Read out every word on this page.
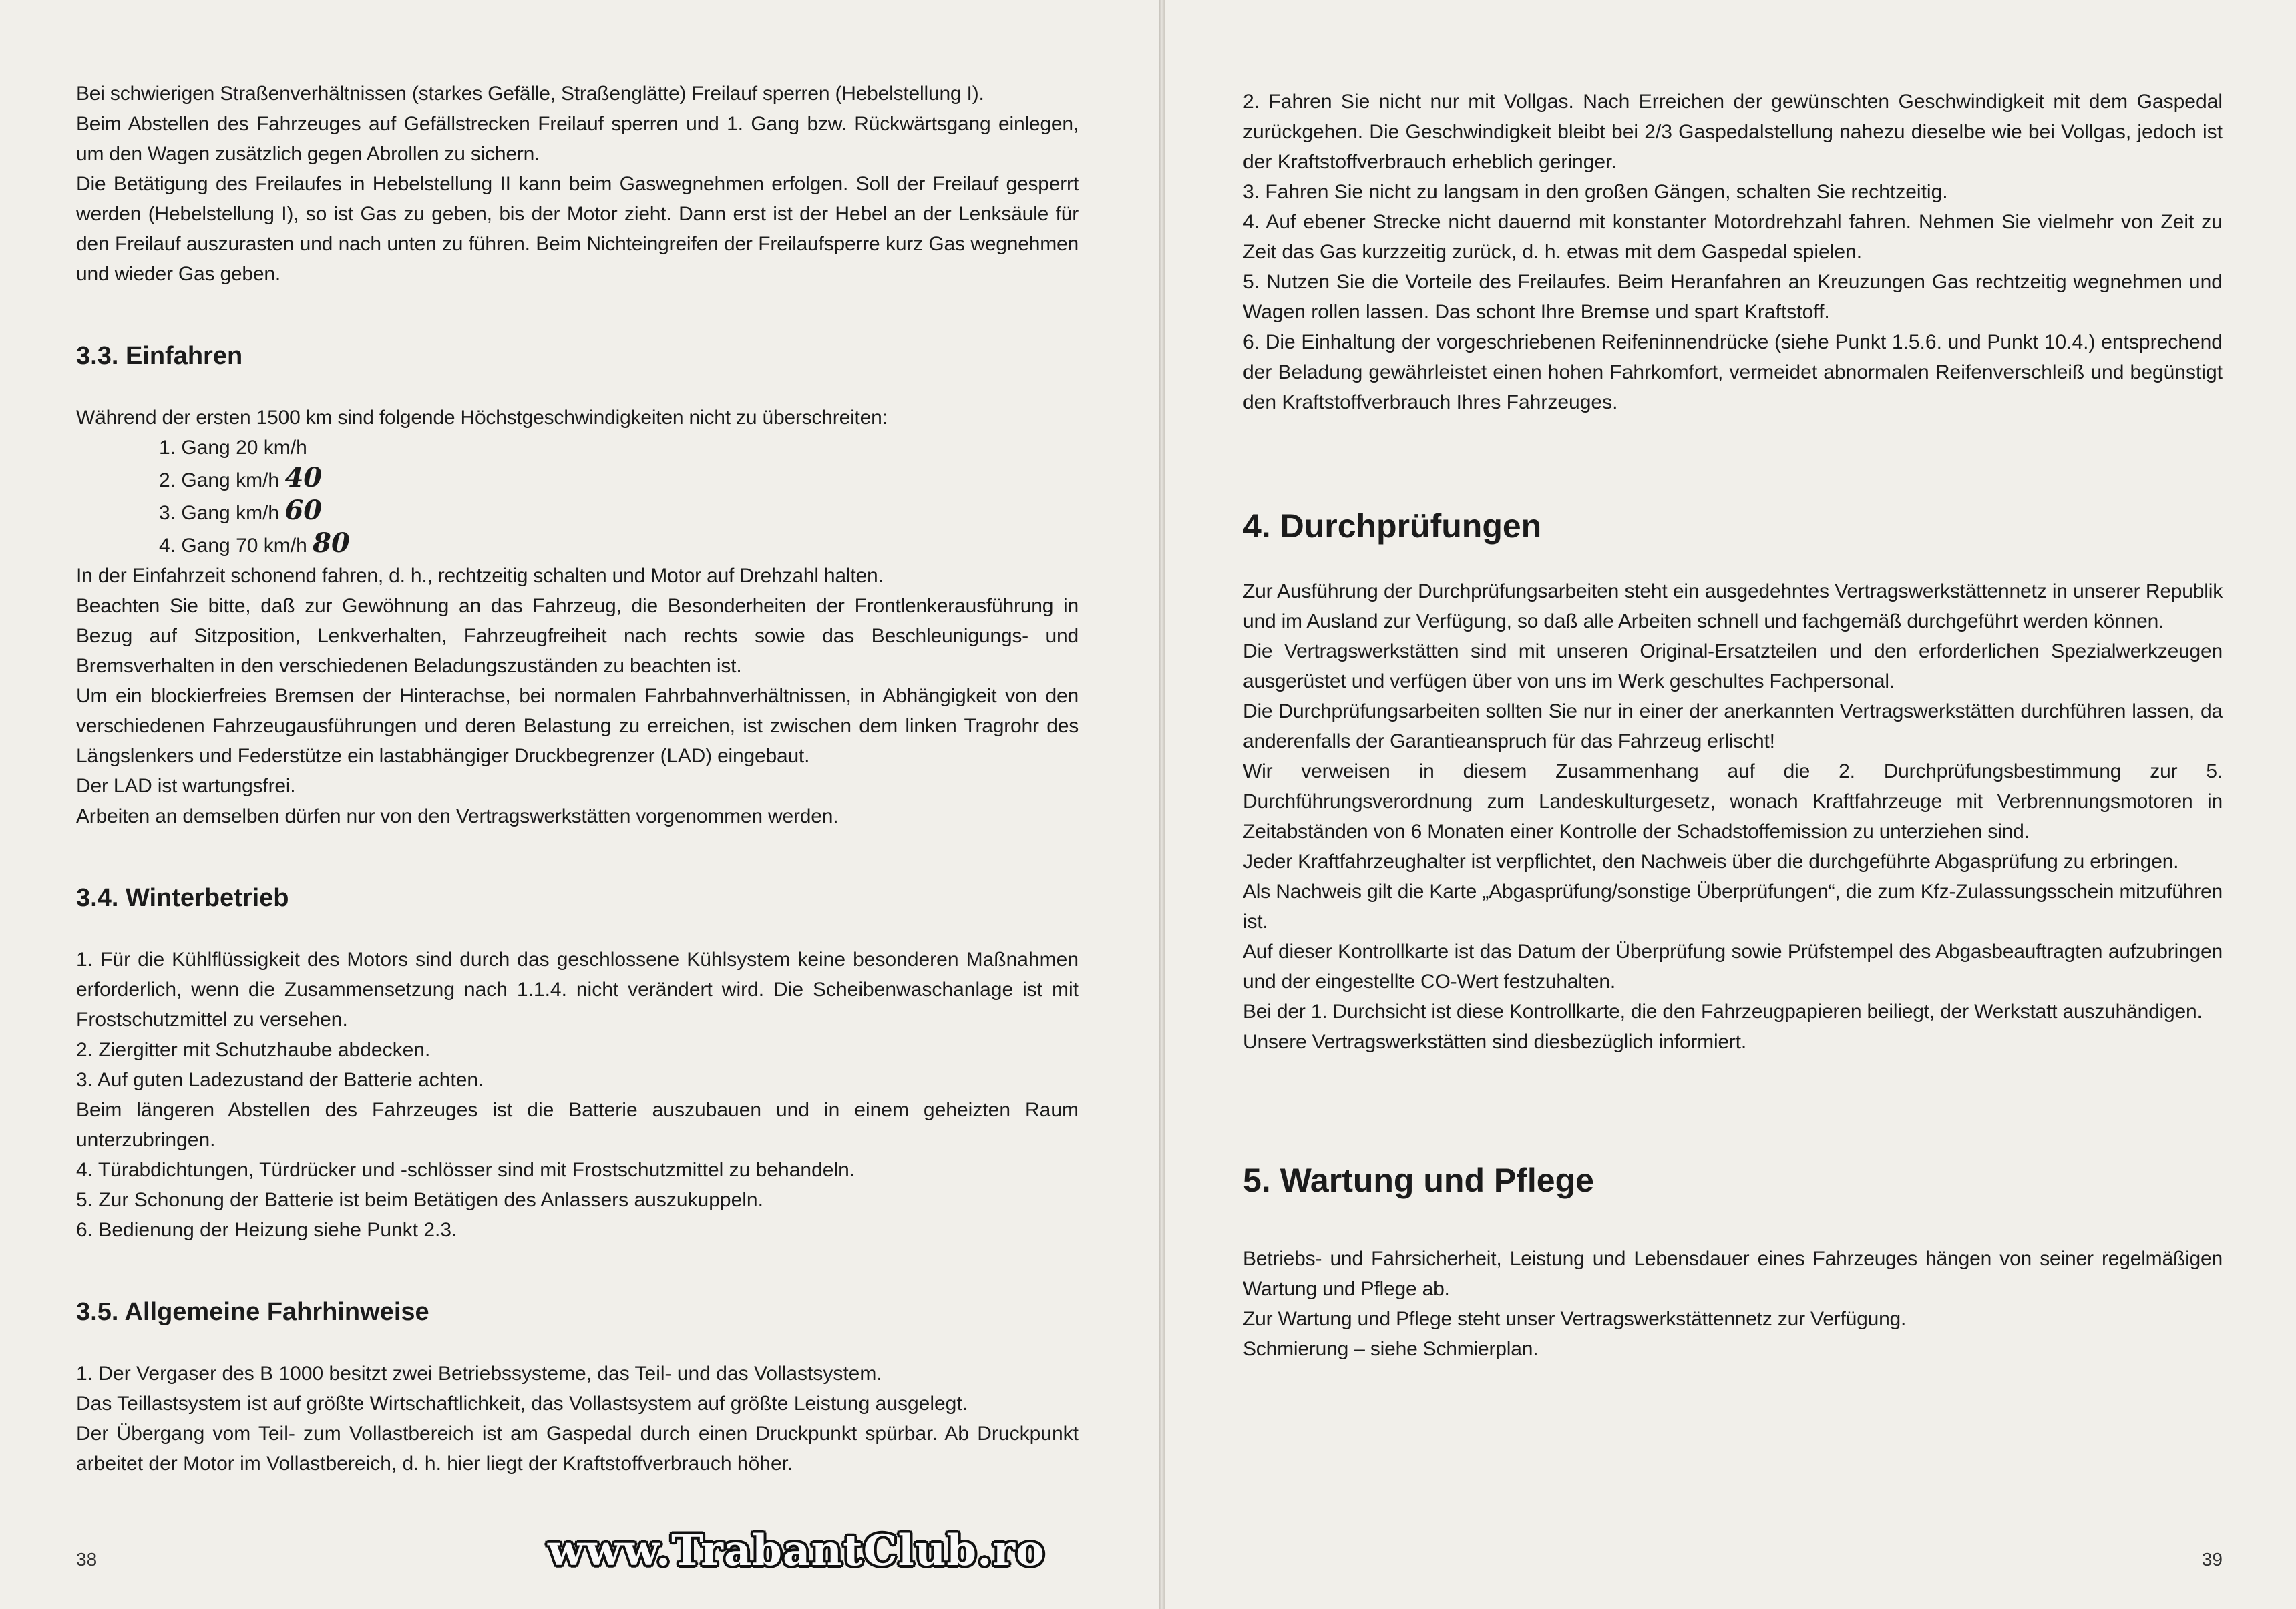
Bei schwierigen Straßenverhältnissen (starkes Gefälle, Straßenglätte) Freilauf sperren (Hebelstellung I).

Beim Abstellen des Fahrzeuges auf Gefällstrecken Freilauf sperren und 1. Gang bzw. Rückwärtsgang einlegen, um den Wagen zusätzlich gegen Abrollen zu sichern.

Die Betätigung des Freilaufes in Hebelstellung II kann beim Gaswegnehmen erfolgen. Soll der Freilauf gesperrt werden (Hebelstellung I), so ist Gas zu geben, bis der Motor zieht. Dann erst ist der Hebel an der Lenksäule für den Freilauf auszurasten und nach unten zu führen. Beim Nichteingreifen der Freilaufsperre kurz Gas wegnehmen und wieder Gas geben.

3.3. Einfahren

Während der ersten 1500 km sind folgende Höchstgeschwindigkeiten nicht zu überschreiten:

1. Gang 20 km/h
2. Gang km/h 40
3. Gang km/h 60
4. Gang 70 km/h 80

In der Einfahrzeit schonend fahren, d. h., rechtzeitig schalten und Motor auf Drehzahl halten.

Beachten Sie bitte, daß zur Gewöhnung an das Fahrzeug, die Besonderheiten der Frontlenkerausführung in Bezug auf Sitzposition, Lenkverhalten, Fahrzeugfreiheit nach rechts sowie das Beschleunigungs- und Bremsverhalten in den verschiedenen Beladungszuständen zu beachten ist.

Um ein blockierfreies Bremsen der Hinterachse, bei normalen Fahrbahnverhältnissen, in Abhängigkeit von den verschiedenen Fahrzeugausführungen und deren Belastung zu erreichen, ist zwischen dem linken Tragrohr des Längslenkers und Federstütze ein lastabhängiger Druckbegrenzer (LAD) eingebaut.

Der LAD ist wartungsfrei.

Arbeiten an demselben dürfen nur von den Vertragswerkstätten vorgenommen werden.

3.4. Winterbetrieb
1. Für die Kühlflüssigkeit des Motors sind durch das geschlossene Kühlsystem keine besonderen Maßnahmen erforderlich, wenn die Zusammensetzung nach 1.1.4. nicht verändert wird. Die Scheibenwaschanlage ist mit Frostschutzmittel zu versehen.
2. Ziergitter mit Schutzhaube abdecken.
3. Auf guten Ladezustand der Batterie achten.
Beim längeren Abstellen des Fahrzeuges ist die Batterie auszubauen und in einem geheizten Raum unterzubringen.
4. Türabdichtungen, Türdrücker und -schlösser sind mit Frostschutzmittel zu behandeln.
5. Zur Schonung der Batterie ist beim Betätigen des Anlassers auszukuppeln.
6. Bedienung der Heizung siehe Punkt 2.3.
3.5. Allgemeine Fahrhinweise
1. Der Vergaser des B 1000 besitzt zwei Betriebssysteme, das Teil- und das Vollastsystem.
Das Teillastsystem ist auf größte Wirtschaftlichkeit, das Vollastsystem auf größte Leistung ausgelegt.
Der Übergang vom Teil- zum Vollastbereich ist am Gaspedal durch einen Druckpunkt spürbar. Ab Druckpunkt arbeitet der Motor im Vollastbereich, d. h. hier liegt der Kraftstoffverbrauch höher.
38
2. Fahren Sie nicht nur mit Vollgas. Nach Erreichen der gewünschten Geschwindigkeit mit dem Gaspedal zurückgehen. Die Geschwindigkeit bleibt bei 2/3 Gaspedalstellung nahezu dieselbe wie bei Vollgas, jedoch ist der Kraftstoffverbrauch erheblich geringer.
3. Fahren Sie nicht zu langsam in den großen Gängen, schalten Sie rechtzeitig.
4. Auf ebener Strecke nicht dauernd mit konstanter Motordrehzahl fahren. Nehmen Sie vielmehr von Zeit zu Zeit das Gas kurzzeitig zurück, d. h. etwas mit dem Gaspedal spielen.
5. Nutzen Sie die Vorteile des Freilaufes. Beim Heranfahren an Kreuzungen Gas rechtzeitig wegnehmen und Wagen rollen lassen. Das schont Ihre Bremse und spart Kraftstoff.
6. Die Einhaltung der vorgeschriebenen Reifeninnendrücke (siehe Punkt 1.5.6. und Punkt 10.4.) entsprechend der Beladung gewährleistet einen hohen Fahrkomfort, vermeidet abnormalen Reifenverschleiß und begünstigt den Kraftstoffverbrauch Ihres Fahrzeuges.
4. Durchprüfungen

Zur Ausführung der Durchprüfungsarbeiten steht ein ausgedehntes Vertragswerkstättennetz in unserer Republik und im Ausland zur Verfügung, so daß alle Arbeiten schnell und fachgemäß durchgeführt werden können.

Die Vertragswerkstätten sind mit unseren Original-Ersatzteilen und den erforderlichen Spezialwerkzeugen ausgerüstet und verfügen über von uns im Werk geschultes Fachpersonal.

Die Durchprüfungsarbeiten sollten Sie nur in einer der anerkannten Vertragswerkstätten durchführen lassen, da anderenfalls der Garantieanspruch für das Fahrzeug erlischt!

Wir verweisen in diesem Zusammenhang auf die 2. Durchprüfungsbestimmung zur 5. Durchführungsverordnung zum Landeskulturgesetz, wonach Kraftfahrzeuge mit Verbrennungsmotoren in Zeitabständen von 6 Monaten einer Kontrolle der Schadstoffemission zu unterziehen sind.

Jeder Kraftfahrzeughalter ist verpflichtet, den Nachweis über die durchgeführte Abgasprüfung zu erbringen.

Als Nachweis gilt die Karte „Abgasprüfung/sonstige Überprüfungen“, die zum Kfz-Zulassungsschein mitzuführen ist.

Auf dieser Kontrollkarte ist das Datum der Überprüfung sowie Prüfstempel des Abgasbeauftragten aufzubringen und der eingestellte CO-Wert festzuhalten.

Bei der 1. Durchsicht ist diese Kontrollkarte, die den Fahrzeugpapieren beiliegt, der Werkstatt auszuhändigen.

Unsere Vertragswerkstätten sind diesbezüglich informiert.

5. Wartung und Pflege

Betriebs- und Fahrsicherheit, Leistung und Lebensdauer eines Fahrzeuges hängen von seiner regelmäßigen Wartung und Pflege ab.

Zur Wartung und Pflege steht unser Vertragswerkstättennetz zur Verfügung.

Schmierung – siehe Schmierplan.

39
www.TrabantClub.ro
